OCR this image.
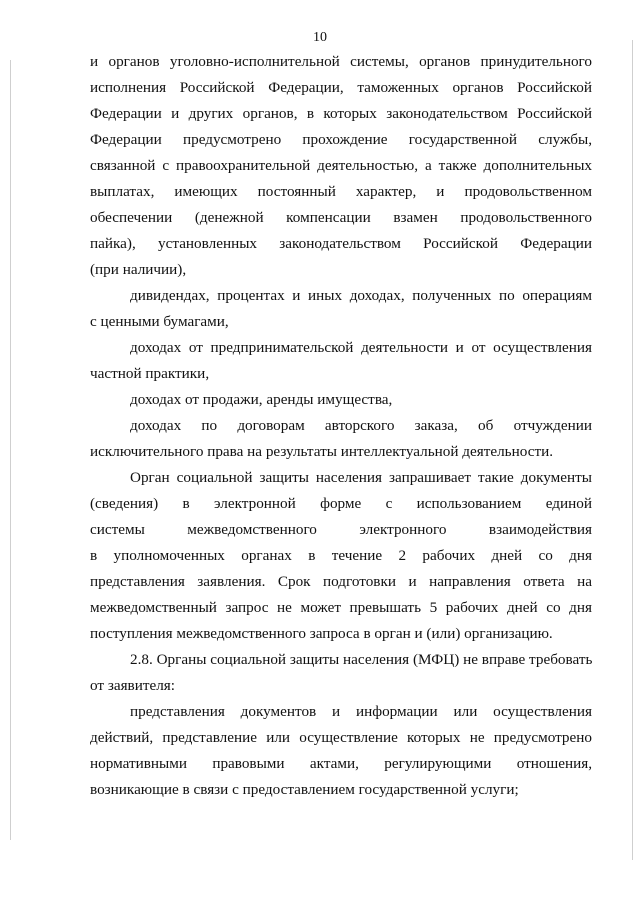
10
и органов уголовно-исполнительной системы, органов принудительного
исполнения Российской Федерации, таможенных органов Российской
Федерации и других органов, в которых законодательством Российской
Федерации предусмотрено прохождение государственной службы,
связанной с правоохранительной деятельностью, а также дополнительных
выплатах, имеющих постоянный характер, и продовольственном
обеспечении (денежной компенсации взамен продовольственного
пайка), установленных законодательством Российской Федерации
(при наличии),
дивидендах, процентах и иных доходах, полученных по операциям
с ценными бумагами,
доходах от предпринимательской деятельности и от осуществления
частной практики,
доходах от продажи, аренды имущества,
доходах по договорам авторского заказа, об отчуждении
исключительного права на результаты интеллектуальной деятельности.
Орган социальной защиты населения запрашивает такие документы
(сведения) в электронной форме с использованием единой
системы межведомственного электронного взаимодействия
в уполномоченных органах в течение 2 рабочих дней со дня
представления заявления. Срок подготовки и направления ответа на
межведомственный запрос не может превышать 5 рабочих дней со дня
поступления межведомственного запроса в орган и (или) организацию.
2.8. Органы социальной защиты населения (МФЦ) не вправе требовать
от заявителя:
представления документов и информации или осуществления
действий, представление или осуществление которых не предусмотрено
нормативными правовыми актами, регулирующими отношения,
возникающие в связи с предоставлением государственной услуги;
